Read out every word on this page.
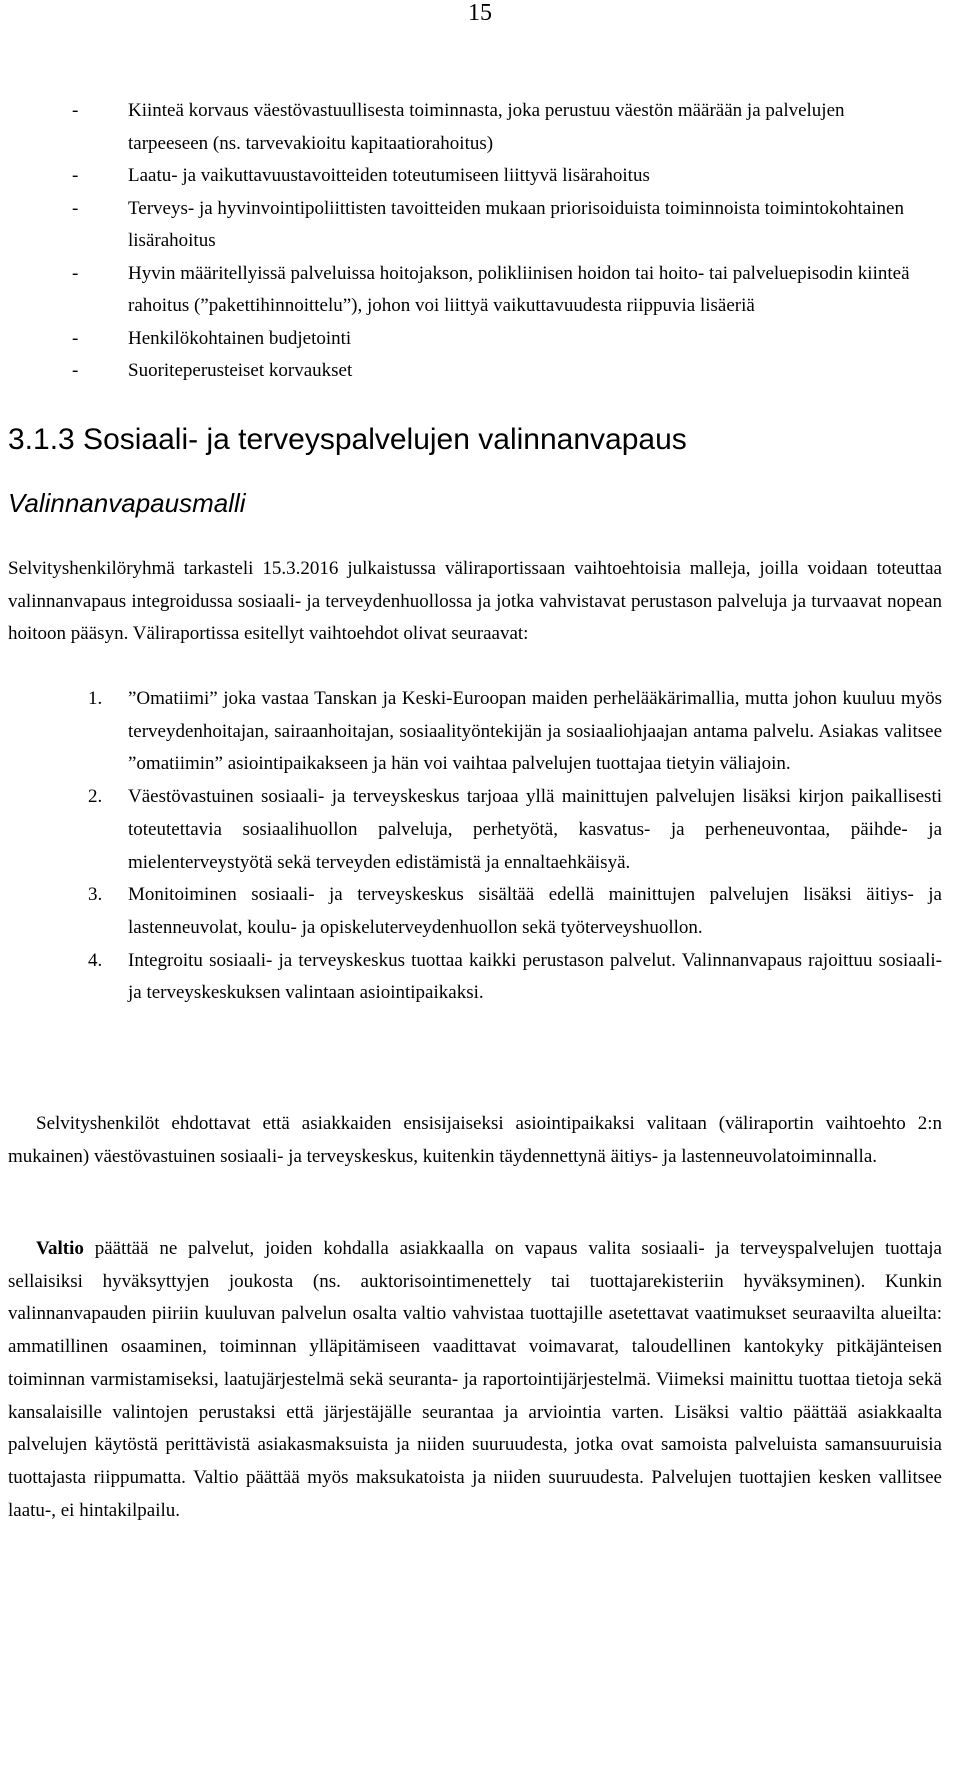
15
-	Kiinteä korvaus väestövastuullisesta toiminnasta, joka perustuu väestön määrään ja palvelujen tarpeeseen (ns. tarvevakioitu kapitaatiorahoitus)
-	Laatu- ja vaikuttavuustavoitteiden toteutumiseen liittyvä lisärahoitus
-	Terveys- ja hyvinvointipoliittisten tavoitteiden mukaan priorisoiduista toiminnoista toimintokohtainen lisärahoitus
-	Hyvin määritellyissä palveluissa hoitojakson, polikliinisen hoidon tai hoito- tai palveluepisodin kiinteä rahoitus (”pakettihinnoittelu”), johon voi liittyä vaikuttavuudesta riippuvia lisäeriä
-	Henkilökohtainen budjetointi
-	Suoriteperusteiset korvaukset
3.1.3 Sosiaali- ja terveyspalvelujen valinnanvapaus
Valinnanvapausmalli
Selvityshenkilöryhmä tarkasteli 15.3.2016 julkaistussa väliraportissaan vaihtoehtoisia malleja, joilla voidaan toteuttaa valinnanvapaus integroidussa sosiaali- ja terveydenhuollossa ja jotka vahvistavat perustason palveluja ja turvaavat nopean hoitoon pääsyn. Väliraportissa esitellyt vaihtoehdot olivat seuraavat:
1. ”Omatiimi” joka vastaa Tanskan ja Keski-Euroopan maiden perhelääkärimallia, mutta johon kuuluu myös terveydenhoitajan, sairaanhoitajan, sosiaalityöntekijän ja sosiaaliohjaajan antama palvelu. Asiakas valitsee ”omatiimin” asiointipaikakseen ja hän voi vaihtaa palvelujen tuottajaa tietyin väliajoin.
2. Väestövastuinen sosiaali- ja terveyskeskus tarjoaa yllä mainittujen palvelujen lisäksi kirjon paikallisesti toteutettavia sosiaalihuollon palveluja, perhetyötä, kasvatus- ja perheneuvontaa, päihde- ja mielenterveystyötä sekä terveyden edistämistä ja ennaltaehkäisyä.
3. Monitoiminen sosiaali- ja terveyskeskus sisältää edellä mainittujen palvelujen lisäksi äitiys- ja lastenneuvolat, koulu- ja opiskeluterveydenhuollon sekä työterveyshuollon.
4. Integroitu sosiaali- ja terveyskeskus tuottaa kaikki perustason palvelut. Valinnanvapaus rajoittuu sosiaali- ja terveyskeskuksen valintaan asiointipaikaksi.
Selvityshenkilöt ehdottavat että asiakkaiden ensisijaiseksi asiointipaikaksi valitaan (väliraportin vaihtoehto 2:n mukainen) väestövastuinen sosiaali- ja terveyskeskus, kuitenkin täydennettynä äitiys- ja lastenneuvolatoiminnalla.
Valtio päättää ne palvelut, joiden kohdalla asiakkaalla on vapaus valita sosiaali- ja terveyspalvelujen tuottaja sellaisiksi hyväksyttyjen joukosta (ns. auktorisointimenettely tai tuottajarekisteriin hyväksyminen). Kunkin valinnanvapauden piiriin kuuluvan palvelun osalta valtio vahvistaa tuottajille asetettavat vaatimukset seuraavilta alueilta: ammatillinen osaaminen, toiminnan ylläpitämiseen vaadittavat voimavarat, taloudellinen kantokyky pitkäjänteisen toiminnan varmistamiseksi, laatujärjestelmä sekä seuranta- ja raportointijärjestelmä. Viimeksi mainittu tuottaa tietoja sekä kansalaisille valintojen perustaksi että järjestäjälle seurantaa ja arviointia varten. Lisäksi valtio päättää asiakkaalta palvelujen käytöstä perittävistä asiakasmaksuista ja niiden suuruudesta, jotka ovat samoista palveluista samansuuruisia tuottajasta riippumatta. Valtio päättää myös maksukatoista ja niiden suuruudesta. Palvelujen tuottajien kesken vallitsee laatu-, ei hintakilpailu.
